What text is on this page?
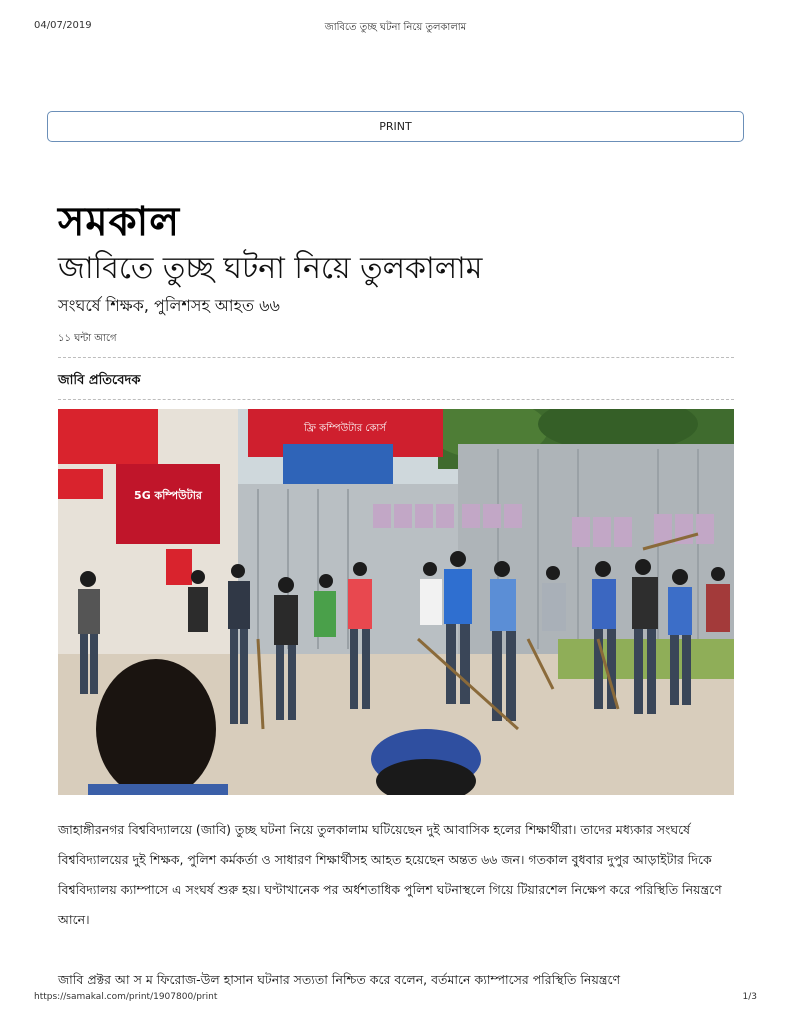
04/07/2019	জাবিতে তুচ্ছ ঘটনা নিয়ে তুলকালাম
PRINT
সমকাল
জাবিতে তুচ্ছ ঘটনা নিয়ে তুলকালাম
সংঘর্ষে শিক্ষক, পুলিশসহ আহত ৬৬
১১ ঘন্টা আগে
জাবি প্রতিবেদক
5G কম্পিউটার
ফ্রি কম্পিউটার কোর্স

জাহাঙ্গীরনগর বিশ্ববিদ্যালয়ে (জাবি) তুচ্ছ ঘটনা নিয়ে তুলকালাম ঘটিয়েছেন দুই আবাসিক হলের শিক্ষার্থীরা। তাদের মধ্যকার সংঘর্ষে বিশ্ববিদ্যালয়ের দুই শিক্ষক, পুলিশ কর্মকর্তা ও সাধারণ শিক্ষার্থীসহ আহত হয়েছেন অন্তত ৬৬ জন। গতকাল বুধবার দুপুর আড়াইটার দিকে বিশ্ববিদ্যালয় ক্যাম্পাসে এ সংঘর্ষ শুরু হয়। ঘণ্টাখানেক পর অর্ধশতাধিক পুলিশ ঘটনাস্থলে গিয়ে টিয়ারশেল নিক্ষেপ করে পরিস্থিতি নিয়ন্ত্রণে আনে।

জাবি প্রক্টর আ স ম ফিরোজ-উল হাসান ঘটনার সত্যতা নিশ্চিত করে বলেন, বর্তমানে ক্যাম্পাসের পরিস্থিতি নিয়ন্ত্রণে

https://samakal.com/print/1907800/print	1/3
